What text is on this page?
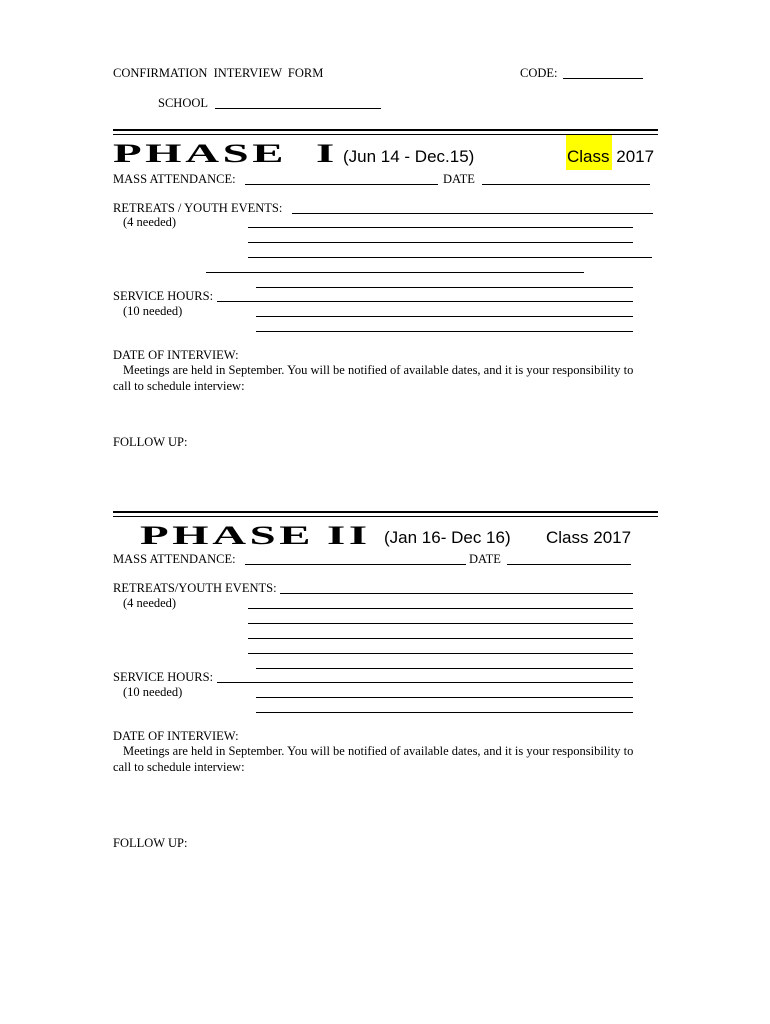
CONFIRMATION INTERVIEW FORM	CODE:
SCHOOL
PHASE I (Jun 14 - Dec.15)	Class 2017
MASS ATTENDANCE:	DATE
RETREATS / YOUTH EVENTS:
(4 needed)
SERVICE HOURS:
(10 needed)
DATE OF INTERVIEW:
Meetings are held in September. You will be notified of available dates, and it is your responsibility to
call to schedule interview:
FOLLOW UP:
PHASE II (Jan 16- Dec 16) Class 2017
MASS ATTENDANCE:	DATE
RETREATS/YOUTH EVENTS:
(4 needed)
SERVICE HOURS:
(10 needed)
DATE OF INTERVIEW:
Meetings are held in September. You will be notified of available dates, and it is your responsibility to
call to schedule interview:
FOLLOW UP:
